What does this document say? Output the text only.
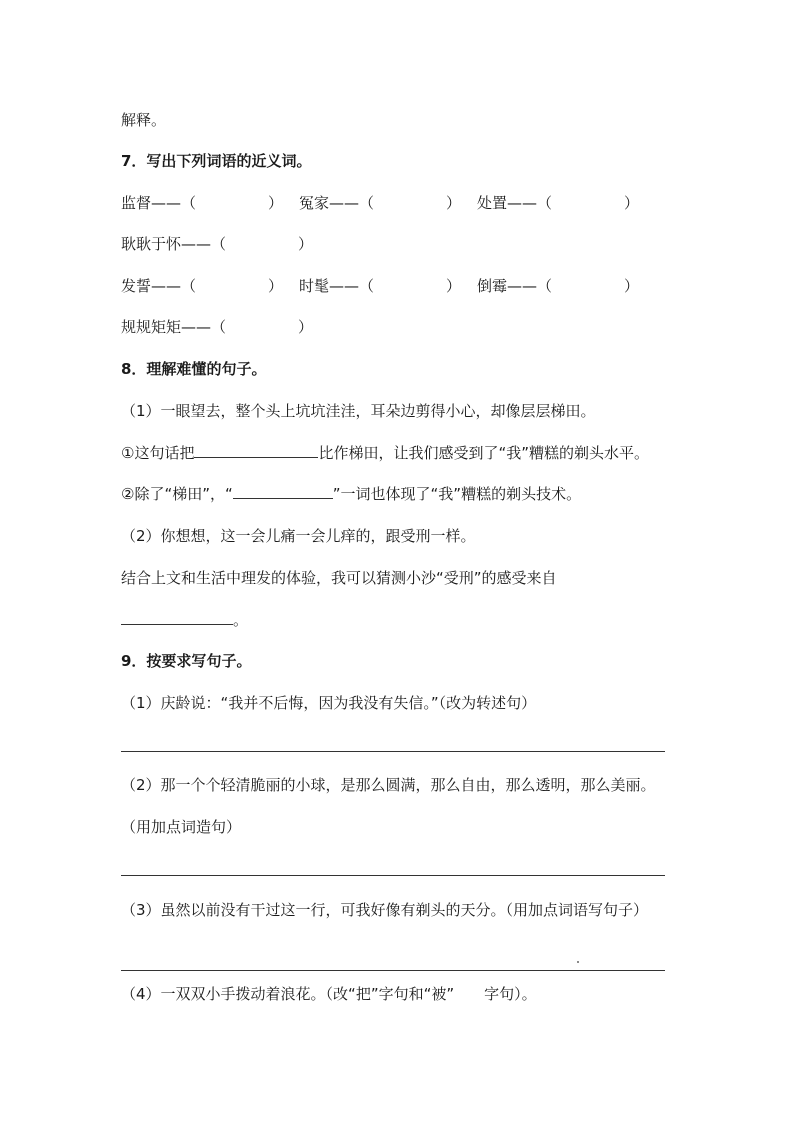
解释。
7．写出下列词语的近义词。
监督——（	） 冤家——（	） 处置——（	）
耿耿于怀——（	）
发誓——（	） 时髦——（	） 倒霉——（	）
规规矩矩——（	）
8．理解难懂的句子。
（1）一眼望去，整个头上坑坑洼洼，耳朵边剪得小心，却像层层梯田。
①这句话把	比作梯田，让我们感受到了“我”糟糕的剃头水平。
②除了“梯田”，“	”一词也体现了“我”糟糕的剃头技术。
（2）你想想，这一会儿痛一会儿痒的，跟受刑一样。
结合上文和生活中理发的体验，我可以猜测小沙“受刑”的感受来自
。
9．按要求写句子。
（1）庆龄说：“我并不后悔，因为我没有失信。”（改为转述句）
（2）那一个个轻清脆丽的小球，是那么圆满，那么自由，那么透明，那么美丽。
（用加点词造句）
（3）虽然以前没有干过这一行，可我好像有剃头的天分。（用加点词语写句子）
（4）一双双小手拨动着浪花。（改“把”字句和“被” 字句）。
